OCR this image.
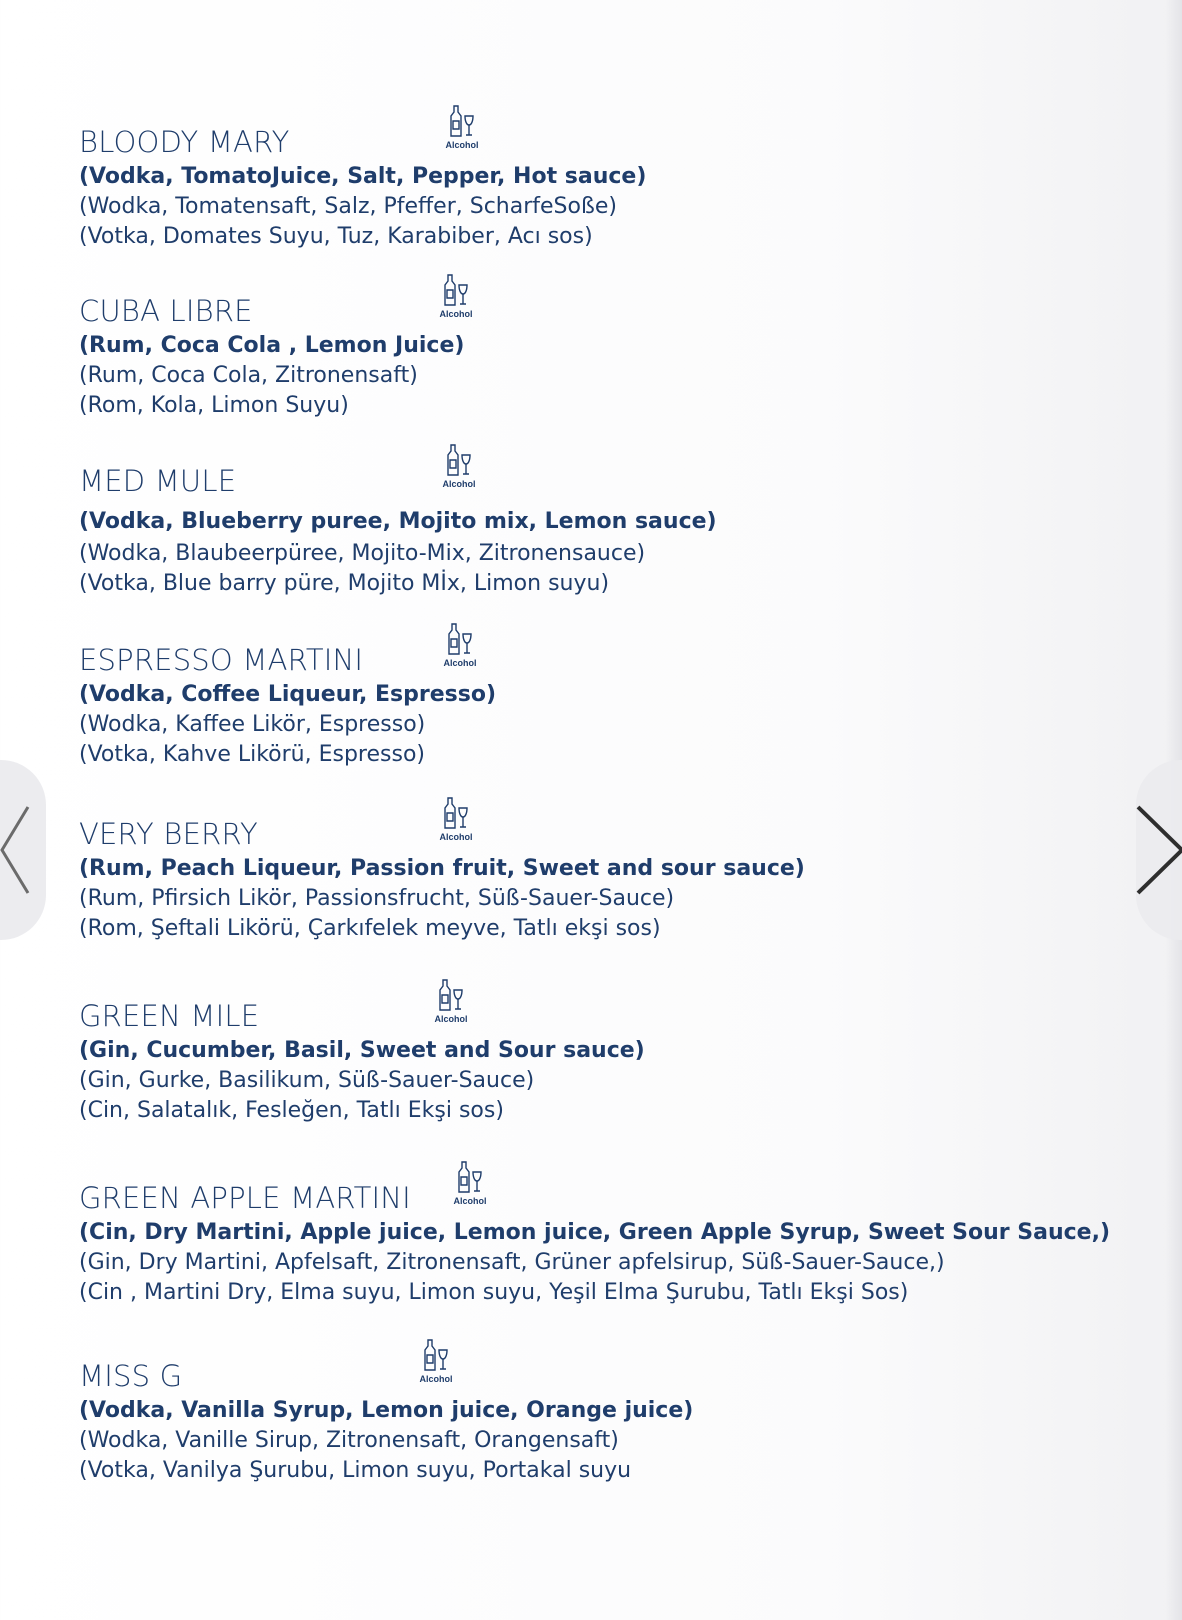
BLOODY MARY	Alcohol
(Vodka, TomatoJuice, Salt, Pepper, Hot sauce)
(Wodka, Tomatensaft, Salz, Pfeffer, ScharfeSoße)
(Votka, Domates Suyu, Tuz, Karabiber, Acı sos)
CUBA LIBRE	Alcohol
(Rum, Coca Cola , Lemon Juice)
(Rum, Coca Cola, Zitronensaft)
(Rom, Kola, Limon Suyu)
MED MULE	Alcohol
(Vodka, Blueberry puree, Mojito mix, Lemon sauce)
(Wodka, Blaubeerpüree, Mojito-Mix, Zitronensauce)
(Votka, Blue barry püre, Mojito Mİx, Limon suyu)
ESPRESSO MARTINI	Alcohol
(Vodka, Coffee Liqueur, Espresso)
(Wodka, Kaffee Likör, Espresso)
(Votka, Kahve Likörü, Espresso)
VERY BERRY	Alcohol
(Rum, Peach Liqueur, Passion fruit, Sweet and sour sauce)
(Rum, Pfirsich Likör, Passionsfrucht, Süß-Sauer-Sauce)
(Rom, Şeftali Likörü, Çarkıfelek meyve, Tatlı ekşi sos)
GREEN MILE	Alcohol
(Gin, Cucumber, Basil, Sweet and Sour sauce)
(Gin, Gurke, Basilikum, Süß-Sauer-Sauce)
(Cin, Salatalık, Fesleğen, Tatlı Ekşi sos)
GREEN APPLE MARTINI	Alcohol
(Cin, Dry Martini, Apple juice, Lemon juice, Green Apple Syrup, Sweet Sour Sauce,)
(Gin, Dry Martini, Apfelsaft, Zitronensaft, Grüner apfelsirup, Süß-Sauer-Sauce,)
(Cin , Martini Dry, Elma suyu, Limon suyu, Yeşil Elma Şurubu, Tatlı Ekşi Sos)
MISS G	Alcohol
(Vodka, Vanilla Syrup, Lemon juice, Orange juice)
(Wodka, Vanille Sirup, Zitronensaft, Orangensaft)
(Votka, Vanilya Şurubu, Limon suyu, Portakal suyu
